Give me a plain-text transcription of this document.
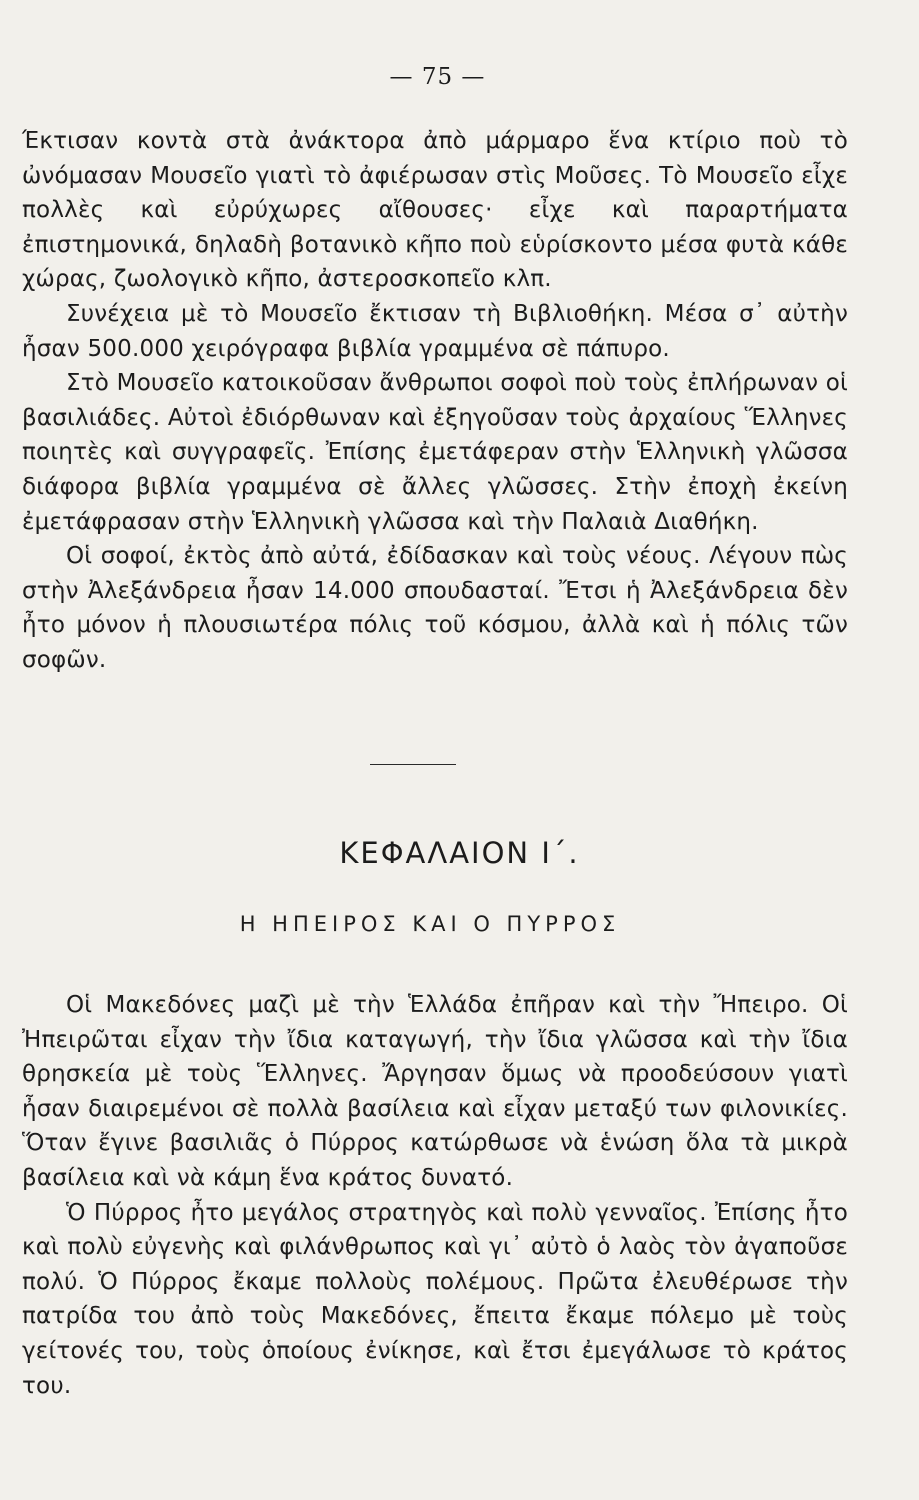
— 75 —

Έκτισαν κοντὰ στὰ ἀνάκτορα ἀπὸ μάρμαρο ἕνα κτίριο ποὺ τὸ ὠνόμασαν Μουσεῖο γιατὶ τὸ ἀφιέρωσαν στὶς Μοῦσες. Τὸ Μουσεῖο εἶχε πολλὲς καὶ εὐρύχωρες αἴθουσες· εἶχε καὶ παραρτήματα ἐπιστημονικά, δηλαδὴ βοτανικὸ κῆπο ποὺ εὑρίσκοντο μέσα φυτὰ κάθε χώρας, ζωολογικὸ κῆπο, ἀστεροσκοπεῖο κλπ.

Συνέχεια μὲ τὸ Μουσεῖο ἔκτισαν τὴ Βιβλιοθήκη. Μέσα σ᾿ αὐτὴν ἦσαν 500.000 χειρόγραφα βιβλία γραμμένα σὲ πάπυρο.

Στὸ Μουσεῖο κατοικοῦσαν ἄνθρωποι σοφοὶ ποὺ τοὺς ἐπλήρωναν οἱ βασιλιάδες. Αὐτοὶ ἐδιόρθωναν καὶ ἐξηγοῦσαν τοὺς ἀρχαίους Ἕλληνες ποιητὲς καὶ συγγραφεῖς. Ἐπίσης ἐμετάφεραν στὴν Ἑλληνικὴ γλῶσσα διάφορα βιβλία γραμμένα σὲ ἄλλες γλῶσσες. Στὴν ἐποχὴ ἐκείνη ἐμετάφρασαν στὴν Ἑλληνικὴ γλῶσσα καὶ τὴν Παλαιὰ Διαθήκη.

Οἱ σοφοί, ἐκτὸς ἀπὸ αὐτά, ἐδίδασκαν καὶ τοὺς νέους. Λέγουν πὼς στὴν Ἀλεξάνδρεια ἦσαν 14.000 σπουδασταί. Ἔτσι ἡ Ἀλεξάνδρεια δὲν ἦτο μόνον ἡ πλουσιωτέρα πόλις τοῦ κόσμου, ἀλλὰ καὶ ἡ πόλις τῶν σοφῶν.

ΚΕΦΑΛΑΙΟΝ Ι΄.
Η ΗΠΕΙΡΟΣ ΚΑΙ Ο ΠΥΡΡΟΣ

Οἱ Μακεδόνες μαζὶ μὲ τὴν Ἑλλάδα ἐπῆραν καὶ τὴν Ἤπειρο. Οἱ Ἠπειρῶται εἶχαν τὴν ἴδια καταγωγή, τὴν ἴδια γλῶσσα καὶ τὴν ἴδια θρησκεία μὲ τοὺς Ἕλληνες. Ἄργησαν ὅμως νὰ προοδεύσουν γιατὶ ἦσαν διαιρεμένοι σὲ πολλὰ βασίλεια καὶ εἶχαν μεταξύ των φιλονικίες. Ὅταν ἔγινε βασιλιᾶς ὁ Πύρρος κατώρθωσε νὰ ἑνώση ὅλα τὰ μικρὰ βασίλεια καὶ νὰ κάμη ἕνα κράτος δυνατό.

Ὁ Πύρρος ἦτο μεγάλος στρατηγὸς καὶ πολὺ γενναῖος. Ἐπίσης ἦτο καὶ πολὺ εὐγενὴς καὶ φιλάνθρωπος καὶ γι᾿ αὐτὸ ὁ λαὸς τὸν ἀγαποῦσε πολύ. Ὁ Πύρρος ἔκαμε πολλοὺς πολέμους. Πρῶτα ἐλευθέρωσε τὴν πατρίδα του ἀπὸ τοὺς Μακεδόνες, ἔπειτα ἔκαμε πόλεμο μὲ τοὺς γείτονές του, τοὺς ὁποίους ἐνίκησε, καὶ ἔτσι ἐμεγάλωσε τὸ κράτος του.
